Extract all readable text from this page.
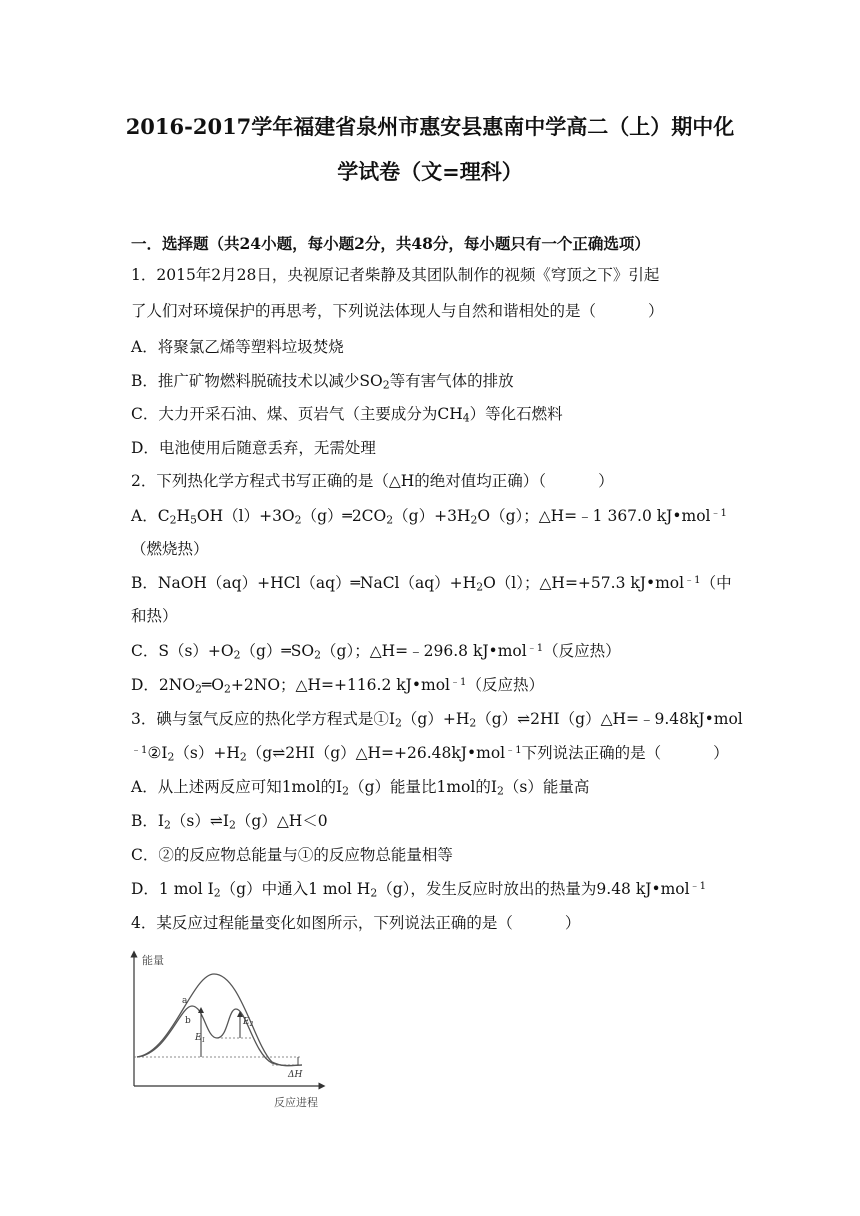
2016-2017学年福建省泉州市惠安县惠南中学高二（上）期中化
学试卷（文=理科）
一．选择题（共24小题，每小题2分，共48分，每小题只有一个正确选项）
1．2015年2月28日，央视原记者柴静及其团队制作的视频《穹顶之下》引起
了人们对环境保护的再思考，下列说法体现人与自然和谐相处的是（	）
A．将聚氯乙烯等塑料垃圾焚烧
B．推广矿物燃料脱硫技术以减少$SO_2$等有害气体的排放
C．大力开采石油、煤、页岩气（主要成分为$CH_4$）等化石燃料
D．电池使用后随意丢弃，无需处理
2．下列热化学方程式书写正确的是（△H的绝对值均正确）（	）
A．$C_2H_5OH(l)+3O_2(g)═2CO_2(g)+3H_2O(g)$；△H=﹣1 367.0 kJ•mol$^{﹣1}$
（燃烧热）
B．$NaOH(aq)+HCl(aq)═NaCl(aq)+H_2O(l)$；△H=+57.3 kJ•mol$^{﹣1}$（中
和热）
C．$S(s)+O_2(g)═SO_2(g)$；△H=﹣296.8 kJ•mol$^{﹣1}$（反应热）
D．$2NO_2═O_2+2NO$；△H=+116.2 kJ•mol$^{﹣1}$（反应热）
3．碘与氢气反应的热化学方程式是$①I_2(g)+H_2(g)\rightleftharpoons 2HI(g)\triangle H=﹣9.48kJ•mol$
$^{﹣1}②I_2(s)+H_2(g\rightleftharpoons 2HI(g)\triangle H=+26.48kJ•mol^{﹣1}$下列说法正确的是（	）
A．从上述两反应可知1mol的$I_2(g)$能量比1mol的$I_2(s)$能量高
B．$I_2(s)\rightleftharpoons I_2(g)\triangle H<0$
C．②的反应物总能量与①的反应物总能量相等
D．1 mol $I_2(g)$中通入1 mol $H_2(g)$，发生反应时放出的热量为9.48 kJ•mol$^{﹣1}$
4．某反应过程能量变化如图所示，下列说法正确的是（	）
能量
反应进程
a
b
$E_1$
$E_2$
ΔH
